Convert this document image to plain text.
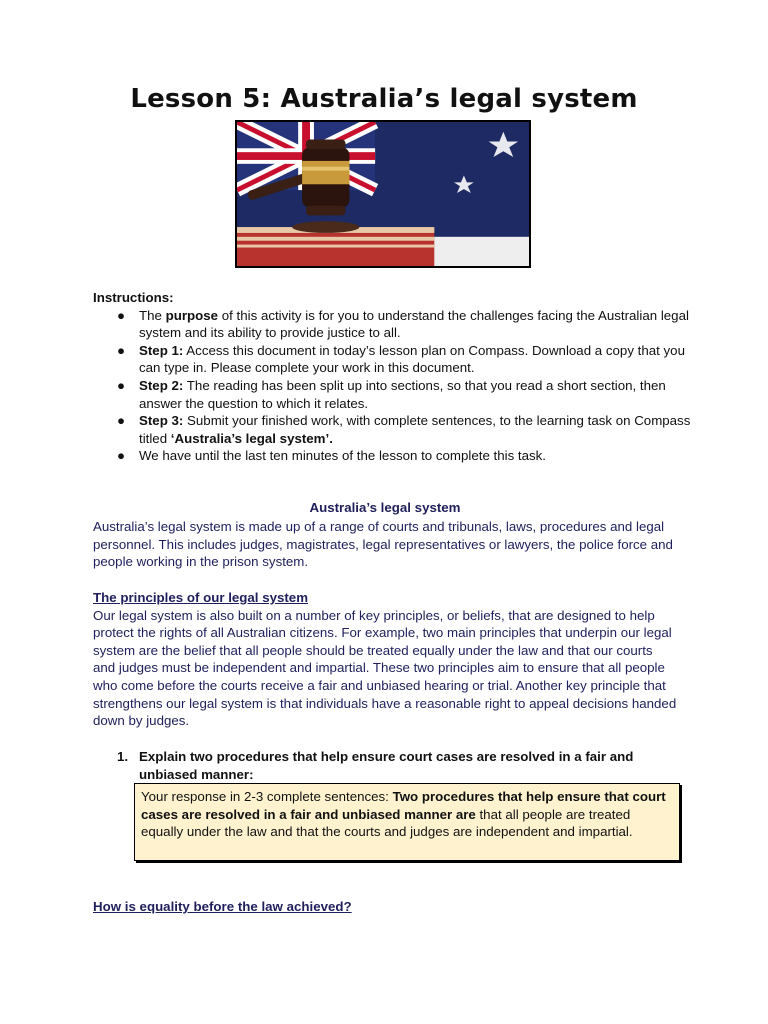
Lesson 5: Australia’s legal system
Instructions:
● The purpose of this activity is for you to understand the challenges facing the Australian legal system and its ability to provide justice to all.
● Step 1: Access this document in today’s lesson plan on Compass. Download a copy that you can type in. Please complete your work in this document.
● Step 2: The reading has been split up into sections, so that you read a short section, then answer the question to which it relates.
● Step 3: Submit your finished work, with complete sentences, to the learning task on Compass titled ‘Australia’s legal system’.
● We have until the last ten minutes of the lesson to complete this task.
Australia’s legal system
Australia’s legal system is made up of a range of courts and tribunals, laws, procedures and legal personnel. This includes judges, magistrates, legal representatives or lawyers, the police force and people working in the prison system.
The principles of our legal system
Our legal system is also built on a number of key principles, or beliefs, that are designed to help protect the rights of all Australian citizens. For example, two main principles that underpin our legal system are the belief that all people should be treated equally under the law and that our courts and judges must be independent and impartial. These two principles aim to ensure that all people who come before the courts receive a fair and unbiased hearing or trial. Another key principle that strengthens our legal system is that individuals have a reasonable right to appeal decisions handed down by judges.
1. Explain two procedures that help ensure court cases are resolved in a fair and unbiased manner:
Your response in 2-3 complete sentences: Two procedures that help ensure that court cases are resolved in a fair and unbiased manner are that all people are treated equally under the law and that the courts and judges are independent and impartial.
How is equality before the law achieved?
